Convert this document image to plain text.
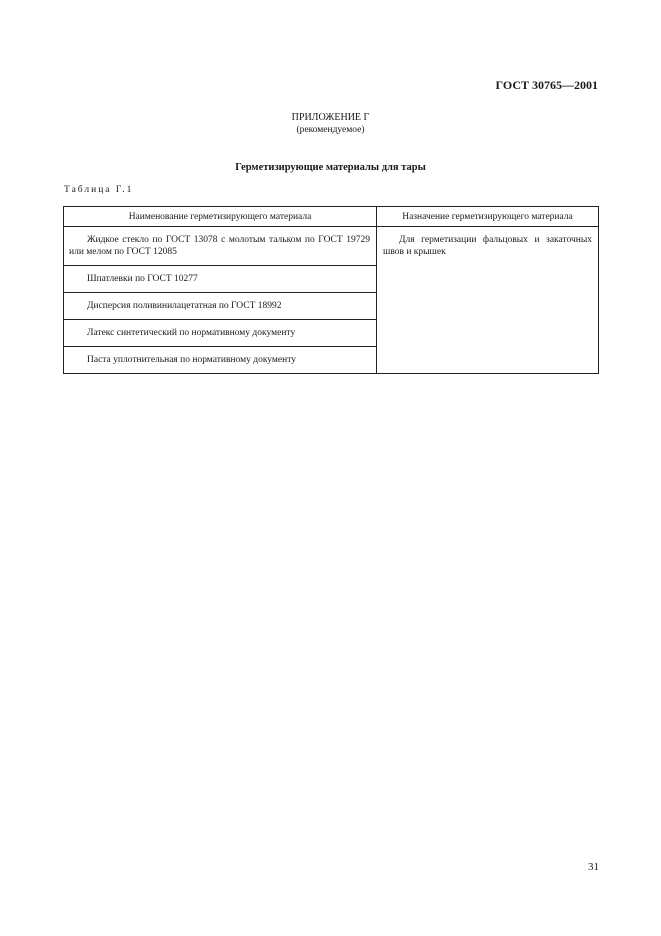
ГОСТ 30765—2001
ПРИЛОЖЕНИЕ Г
(рекомендуемое)
Герметизирующие материалы для тары
Таблица Г.1
Наименование герметизирующего материала	Назначение герметизирующего материала
Жидкое стекло по ГОСТ 13078 с молотым тальком по ГОСТ 19729 или мелом по ГОСТ 12085	Для герметизации фальцовых и закаточных швов и крышек
Шпатлевки по ГОСТ 10277	
Дисперсия поливинилацетатная по ГОСТ 18992	
Латекс синтетический по нормативному документу	
Паста уплотнительная по нормативному документу	
31
